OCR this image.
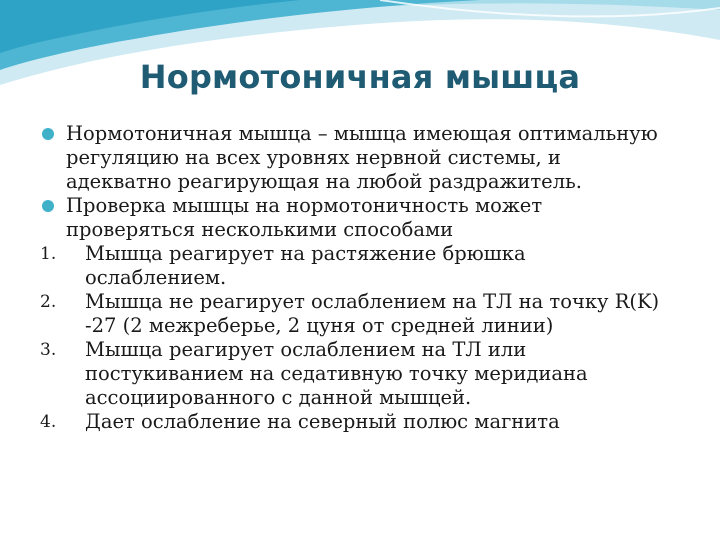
Нормотоничная мышца

Нормотоничная мышца – мышца имеющая оптимальную регуляцию на всех уровнях нервной системы, и адекватно реагирующая на любой раздражитель.

Проверка мышцы на нормотоничность может проверяться несколькими способами

1. Мышца реагирует на растяжение брюшка ослаблением.

2. Мышца не реагирует ослаблением на ТЛ на точку R(K) -27 (2 межреберье, 2 цуня от средней линии)

3. Мышца реагирует ослаблением на ТЛ или постукиванием на седативную точку меридиана ассоциированного с данной мышцей.

4. Дает ослабление на северный полюс магнита
